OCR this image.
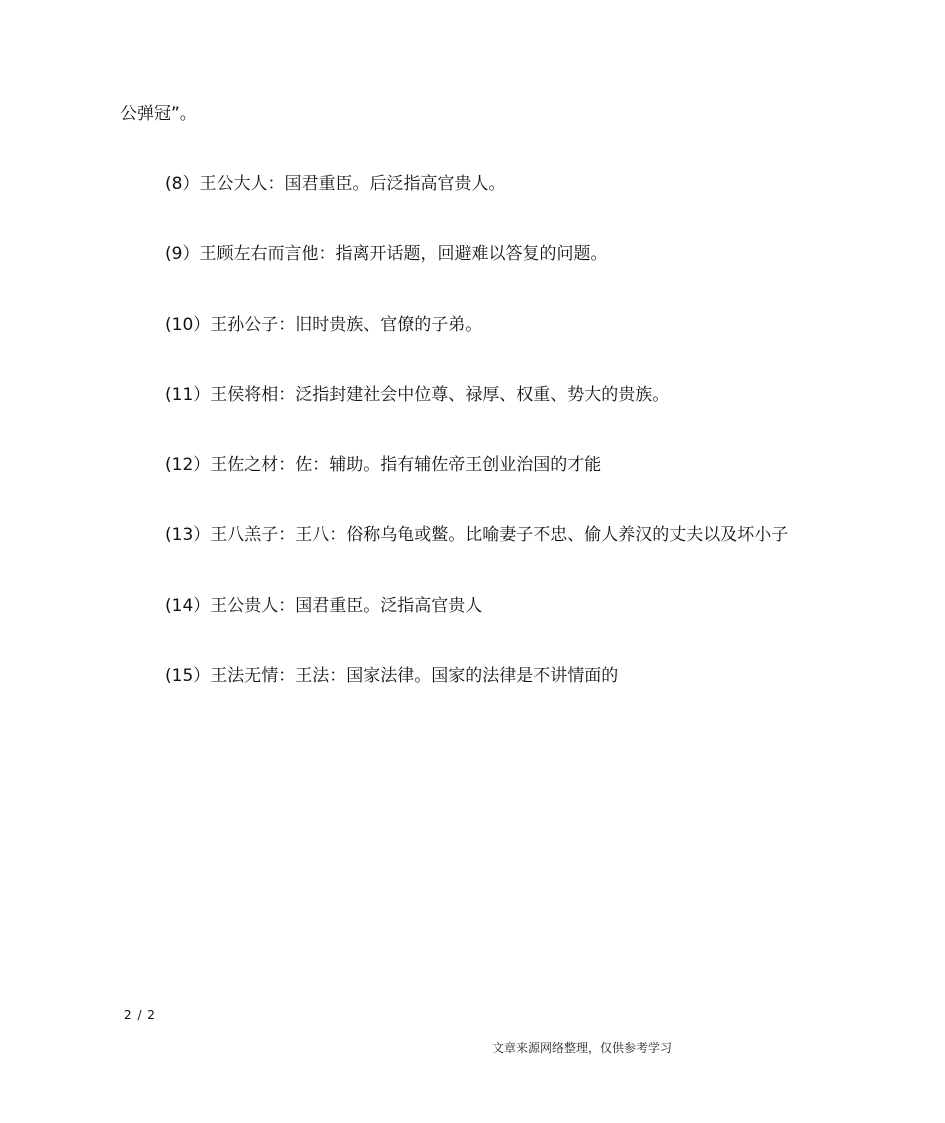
公弹冠”。

(8）王公大人：国君重臣。后泛指高官贵人。

(9）王顾左右而言他：指离开话题，回避难以答复的问题。

(10）王孙公子：旧时贵族、官僚的子弟。

(11）王侯将相：泛指封建社会中位尊、禄厚、权重、势大的贵族。

(12）王佐之材：佐：辅助。指有辅佐帝王创业治国的才能

(13）王八羔子：王八：俗称乌龟或鳖。比喻妻子不忠、偷人养汉的丈夫以及坏小子

(14）王公贵人：国君重臣。泛指高官贵人

(15）王法无情：王法：国家法律。国家的法律是不讲情面的

2 / 2

文章来源网络整理，仅供参考学习
